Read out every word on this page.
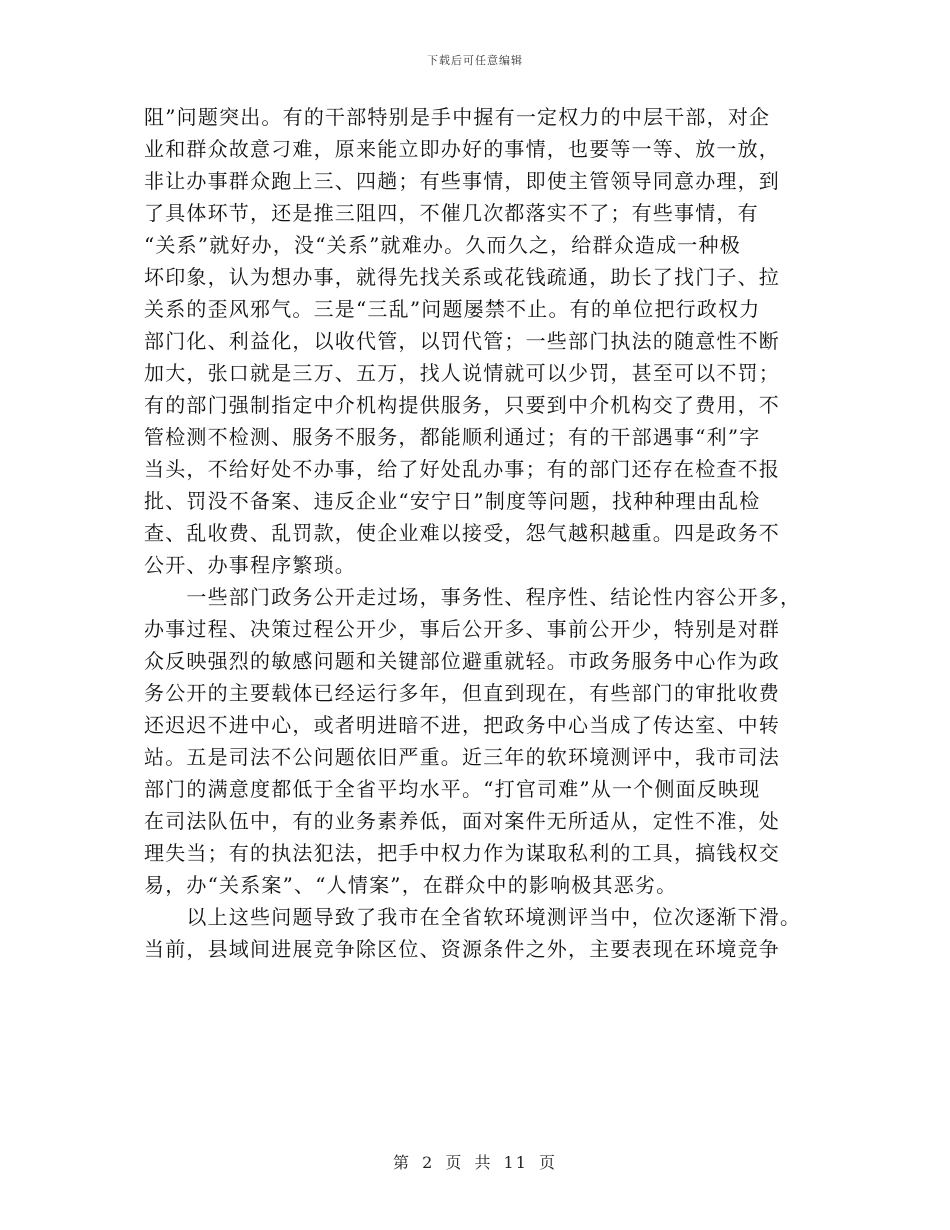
下载后可任意编辑
阻”问题突出。有的干部特别是手中握有一定权力的中层干部，对企
业和群众故意刁难，原来能立即办好的事情，也要等一等、放一放，
非让办事群众跑上三、四趟；有些事情，即使主管领导同意办理，到
了具体环节，还是推三阻四，不催几次都落实不了；有些事情，有
“关系”就好办，没“关系”就难办。久而久之，给群众造成一种极
坏印象，认为想办事，就得先找关系或花钱疏通，助长了找门子、拉
关系的歪风邪气。三是“三乱”问题屡禁不止。有的单位把行政权力
部门化、利益化，以收代管，以罚代管；一些部门执法的随意性不断
加大，张口就是三万、五万，找人说情就可以少罚，甚至可以不罚；
有的部门强制指定中介机构提供服务，只要到中介机构交了费用，不
管检测不检测、服务不服务，都能顺利通过；有的干部遇事“利”字
当头，不给好处不办事，给了好处乱办事；有的部门还存在检查不报
批、罚没不备案、违反企业“安宁日”制度等问题，找种种理由乱检
查、乱收费、乱罚款，使企业难以接受，怨气越积越重。四是政务不
公开、办事程序繁琐。
　　一些部门政务公开走过场，事务性、程序性、结论性内容公开多，
办事过程、决策过程公开少，事后公开多、事前公开少，特别是对群
众反映强烈的敏感问题和关键部位避重就轻。市政务服务中心作为政
务公开的主要载体已经运行多年，但直到现在，有些部门的审批收费
还迟迟不进中心，或者明进暗不进，把政务中心当成了传达室、中转
站。五是司法不公问题依旧严重。近三年的软环境测评中，我市司法
部门的满意度都低于全省平均水平。“打官司难”从一个侧面反映现
在司法队伍中，有的业务素养低，面对案件无所适从，定性不准，处
理失当；有的执法犯法，把手中权力作为谋取私利的工具，搞钱权交
易，办“关系案”、“人情案”，在群众中的影响极其恶劣。
　　以上这些问题导致了我市在全省软环境测评当中，位次逐渐下滑。
当前，县域间进展竞争除区位、资源条件之外，主要表现在环境竞争
第 2 页 共 11 页
